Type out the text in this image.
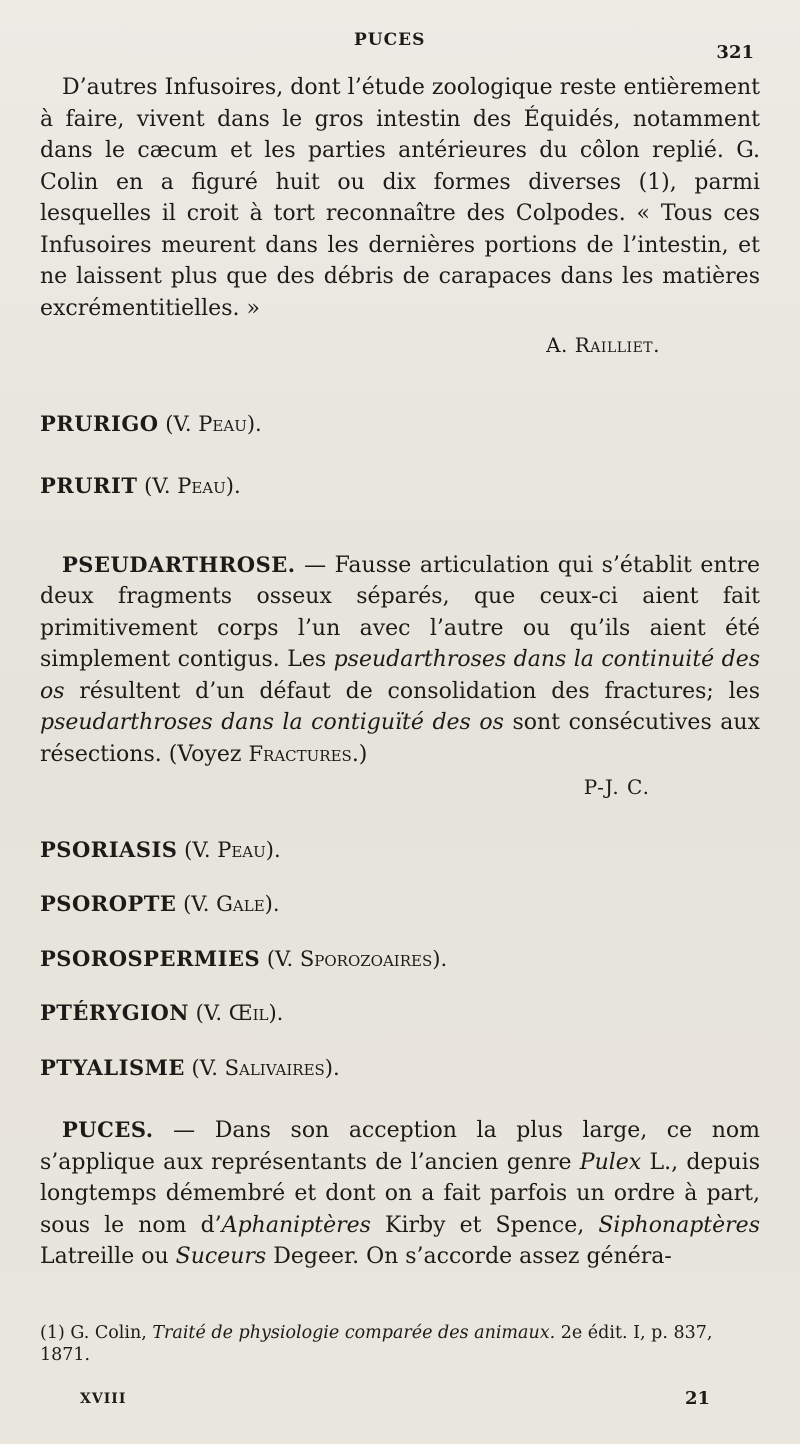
PUCES
321

D’autres Infusoires, dont l’étude zoologique reste entièrement à faire, vivent dans le gros intestin des Équidés, notamment dans le cæcum et les parties antérieures du côlon replié. G. Colin en a figuré huit ou dix formes diverses (1), parmi lesquelles il croit à tort reconnaître des Colpodes. « Tous ces Infusoires meurent dans les dernières portions de l’intestin, et ne laissent plus que des débris de carapaces dans les matières excrémentitielles. »

A. Railliet.

PRURIGO (V. Peau).

PRURIT (V. Peau).

PSEUDARTHROSE. — Fausse articulation qui s’établit entre deux fragments osseux séparés, que ceux-ci aient fait primitivement corps l’un avec l’autre ou qu’ils aient été simplement contigus. Les pseudarthroses dans la continuité des os résultent d’un défaut de consolidation des fractures; les pseudarthroses dans la contiguïté des os sont consécutives aux résections. (Voyez Fractures.)

P-J. C.

PSORIASIS (V. Peau).

PSOROPTE (V. Gale).

PSOROSPERMIES (V. Sporozoaires).

PTÉRYGION (V. Œil).

PTYALISME (V. Salivaires).

PUCES. — Dans son acception la plus large, ce nom s’applique aux représentants de l’ancien genre Pulex L., depuis longtemps démembré et dont on a fait parfois un ordre à part, sous le nom d’Aphaniptères Kirby et Spence, Siphonaptères Latreille ou Suceurs Degeer. On s’accorde assez généra-

(1) G. Colin, Traité de physiologie comparée des animaux. 2e édit. I, p. 837, 1871.
XVIII	21
